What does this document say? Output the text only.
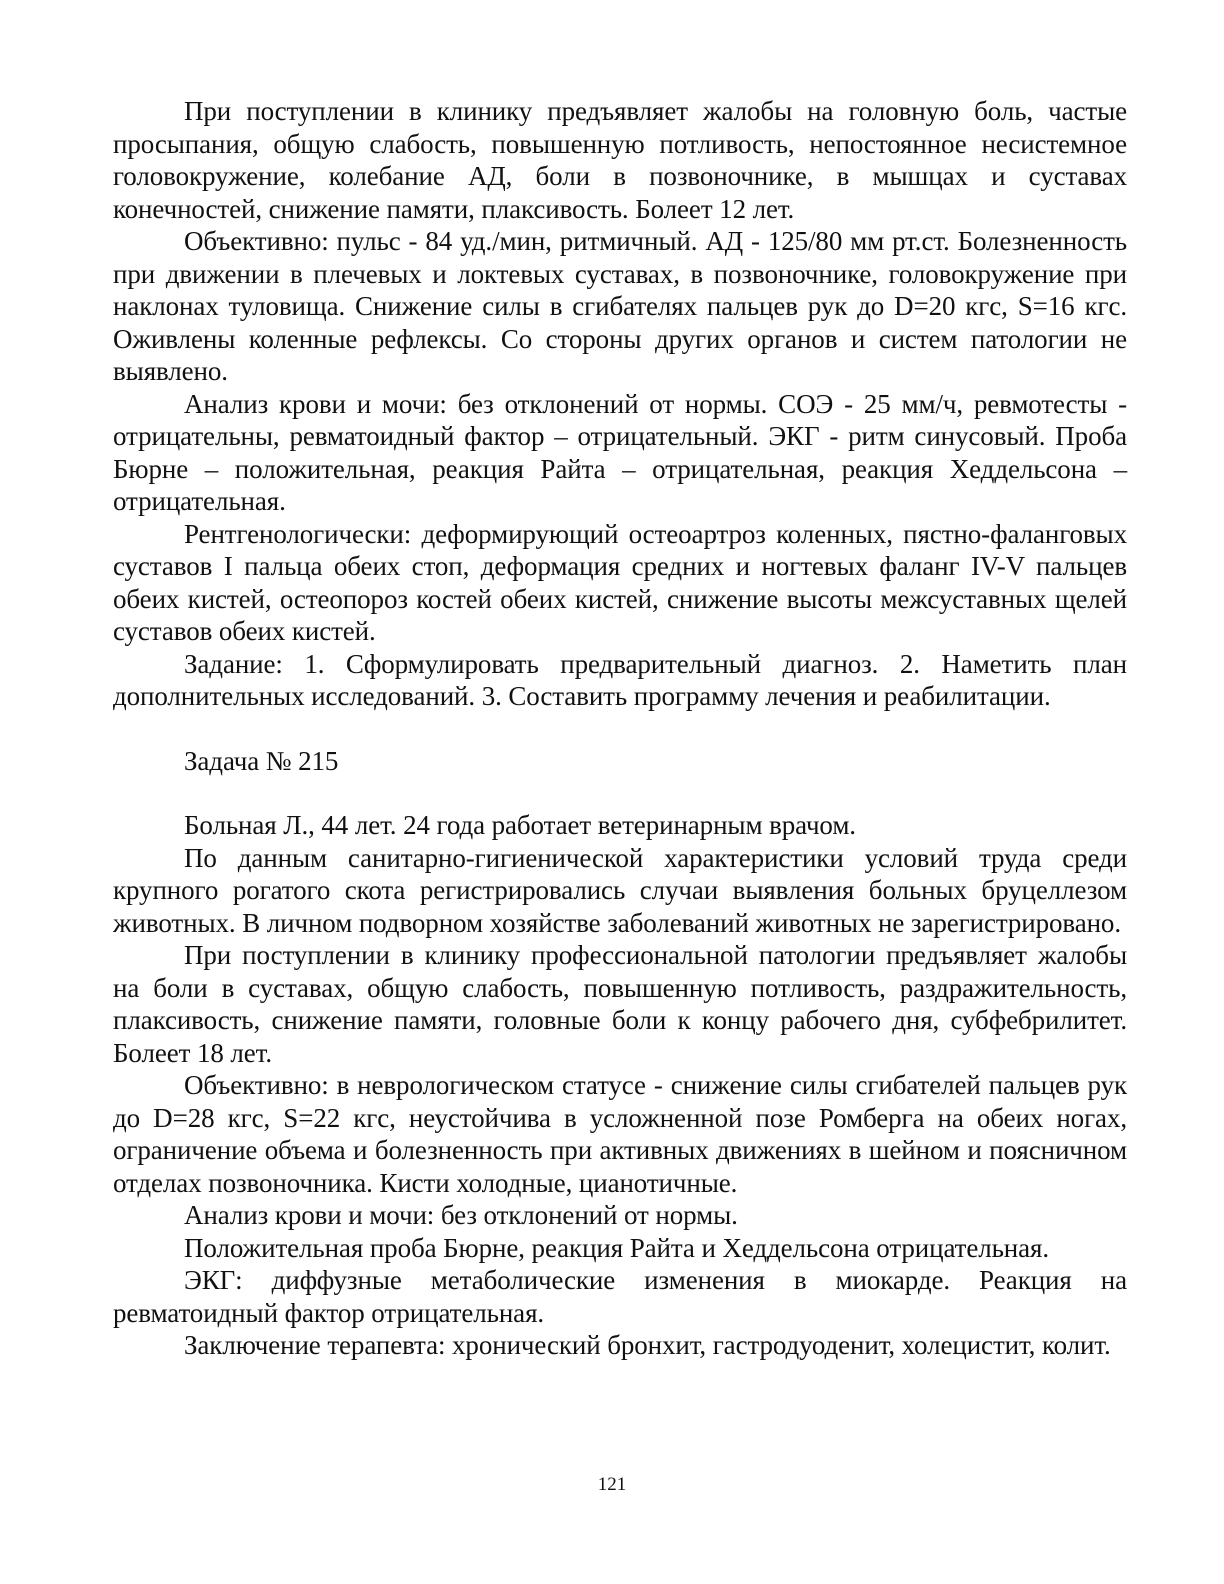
При поступлении в клинику предъявляет жалобы на головную боль, частые просыпания, общую слабость, повышенную потливость, непостоянное несистемное головокружение, колебание АД, боли в позвоночнике, в мышцах и суставах конечностей, снижение памяти, плаксивость. Болеет 12 лет.

Объективно: пульс - 84 уд./мин, ритмичный. АД - 125/80 мм рт.ст. Болезненность при движении в плечевых и локтевых суставах, в позвоночнике, головокружение при наклонах туловища. Снижение силы в сгибателях пальцев рук до D=20 кгс, S=16 кгс. Оживлены коленные рефлексы. Со стороны других органов и систем патологии не выявлено.

Анализ крови и мочи: без отклонений от нормы. СОЭ - 25 мм/ч, ревмотесты - отрицательны, ревматоидный фактор – отрицательный. ЭКГ - ритм синусовый. Проба Бюрне – положительная, реакция Райта – отрицательная, реакция Хеддельсона – отрицательная.

Рентгенологически: деформирующий остеоартроз коленных, пястно-фаланговых суставов I пальца обеих стоп, деформация средних и ногтевых фаланг IV-V пальцев обеих кистей, остеопороз костей обеих кистей, снижение высоты межсуставных щелей суставов обеих кистей.

Задание: 1. Сформулировать предварительный диагноз. 2. Наметить план дополнительных исследований. 3. Составить программу лечения и реабилитации.

Задача № 215

Больная Л., 44 лет. 24 года работает ветеринарным врачом.

По данным санитарно-гигиенической характеристики условий труда среди крупного рогатого скота регистрировались случаи выявления больных бруцеллезом животных. В личном подворном хозяйстве заболеваний животных не зарегистрировано.

При поступлении в клинику профессиональной патологии предъявляет жалобы на боли в суставах, общую слабость, повышенную потливость, раздражительность, плаксивость, снижение памяти, головные боли к концу рабочего дня, субфебрилитет. Болеет 18 лет.

Объективно: в неврологическом статусе - снижение силы сгибателей пальцев рук до D=28 кгс, S=22 кгс, неустойчива в усложненной позе Ромберга на обеих ногах, ограничение объема и болезненность при активных движениях в шейном и поясничном отделах позвоночника. Кисти холодные, цианотичные.

Анализ крови и мочи: без отклонений от нормы.

Положительная проба Бюрне, реакция Райта и Хеддельсона отрицательная.

ЭКГ: диффузные метаболические изменения в миокарде. Реакция на ревматоидный фактор отрицательная.

Заключение терапевта: хронический бронхит, гастродуоденит, холецистит, колит.

121
